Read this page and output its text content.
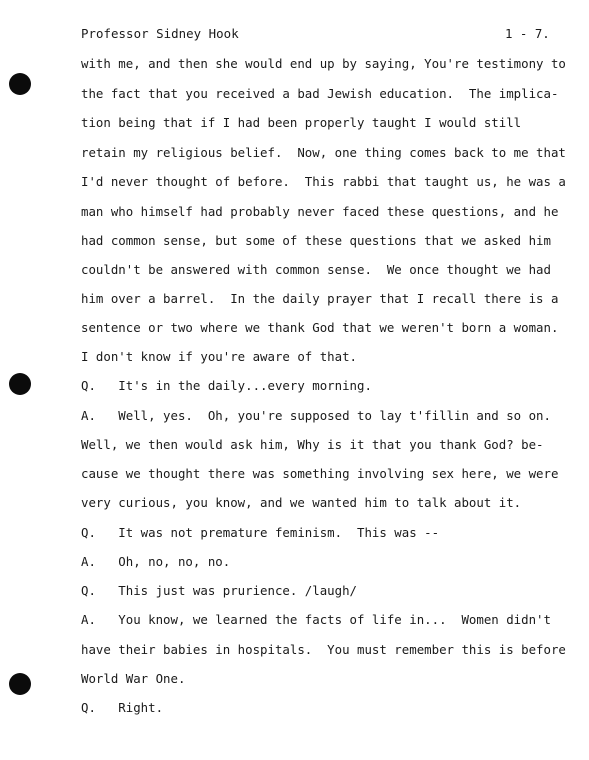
Professor Sidney Hook	1 - 7.
with me, and then she would end up by saying, You're testimony to
the fact that you received a bad Jewish education.  The implica-
tion being that if I had been properly taught I would still
retain my religious belief.  Now, one thing comes back to me that
I'd never thought of before.  This rabbi that taught us, he was a
man who himself had probably never faced these questions, and he
had common sense, but some of these questions that we asked him
couldn't be answered with common sense.  We once thought we had
him over a barrel.  In the daily prayer that I recall there is a
sentence or two where we thank God that we weren't born a woman.
I don't know if you're aware of that.
Q.   It's in the daily...every morning.
A.   Well, yes.  Oh, you're supposed to lay t'fillin and so on.
Well, we then would ask him, Why is it that you thank God? be-
cause we thought there was something involving sex here, we were
very curious, you know, and we wanted him to talk about it.
Q.   It was not premature feminism.  This was --
A.   Oh, no, no, no.
Q.   This just was prurience. /laugh/
A.   You know, we learned the facts of life in...  Women didn't
have their babies in hospitals.  You must remember this is before
World War One.
Q.   Right.
